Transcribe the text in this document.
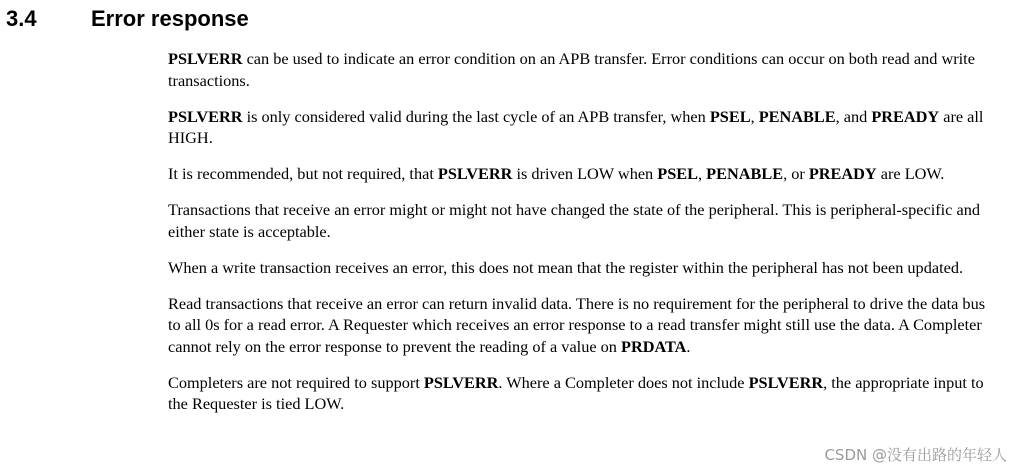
3.4 Error response

PSLVERR can be used to indicate an error condition on an APB transfer. Error conditions can occur on both read and write transactions.

PSLVERR is only considered valid during the last cycle of an APB transfer, when PSEL, PENABLE, and PREADY are all HIGH.

It is recommended, but not required, that PSLVERR is driven LOW when PSEL, PENABLE, or PREADY are LOW.

Transactions that receive an error might or might not have changed the state of the peripheral. This is peripheral-specific and either state is acceptable.

When a write transaction receives an error, this does not mean that the register within the peripheral has not been updated.

Read transactions that receive an error can return invalid data. There is no requirement for the peripheral to drive the data bus to all 0s for a read error. A Requester which receives an error response to a read transfer might still use the data. A Completer cannot rely on the error response to prevent the reading of a value on PRDATA.

Completers are not required to support PSLVERR. Where a Completer does not include PSLVERR, the appropriate input to the Requester is tied LOW.

CSDN @没有出路的年轻人
